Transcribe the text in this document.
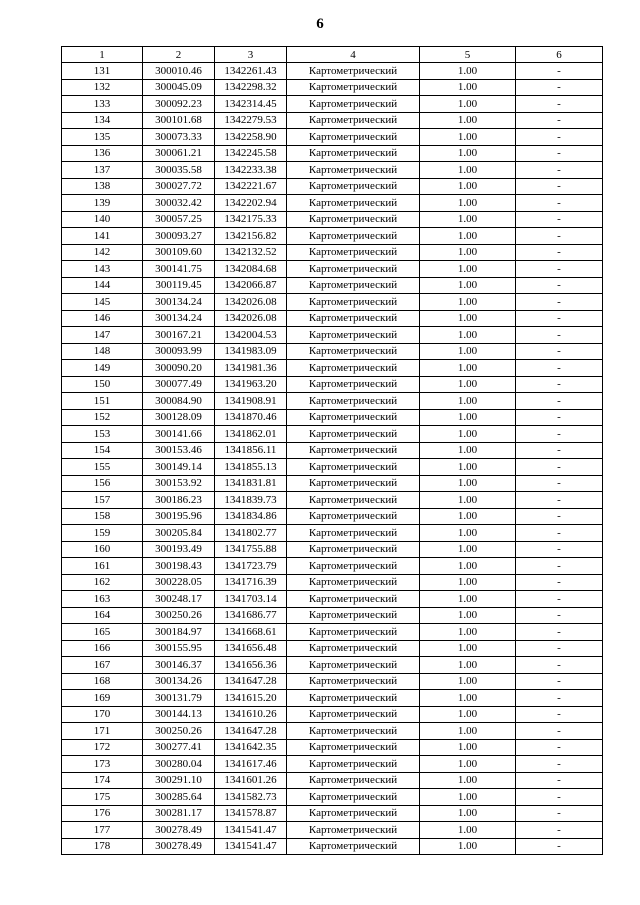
6
1	2	3	4	5	6
131	300010.46	1342261.43	Картометрический	1.00	-
132	300045.09	1342298.32	Картометрический	1.00	-
133	300092.23	1342314.45	Картометрический	1.00	-
134	300101.68	1342279.53	Картометрический	1.00	-
135	300073.33	1342258.90	Картометрический	1.00	-
136	300061.21	1342245.58	Картометрический	1.00	-
137	300035.58	1342233.38	Картометрический	1.00	-
138	300027.72	1342221.67	Картометрический	1.00	-
139	300032.42	1342202.94	Картометрический	1.00	-
140	300057.25	1342175.33	Картометрический	1.00	-
141	300093.27	1342156.82	Картометрический	1.00	-
142	300109.60	1342132.52	Картометрический	1.00	-
143	300141.75	1342084.68	Картометрический	1.00	-
144	300119.45	1342066.87	Картометрический	1.00	-
145	300134.24	1342026.08	Картометрический	1.00	-
146	300134.24	1342026.08	Картометрический	1.00	-
147	300167.21	1342004.53	Картометрический	1.00	-
148	300093.99	1341983.09	Картометрический	1.00	-
149	300090.20	1341981.36	Картометрический	1.00	-
150	300077.49	1341963.20	Картометрический	1.00	-
151	300084.90	1341908.91	Картометрический	1.00	-
152	300128.09	1341870.46	Картометрический	1.00	-
153	300141.66	1341862.01	Картометрический	1.00	-
154	300153.46	1341856.11	Картометрический	1.00	-
155	300149.14	1341855.13	Картометрический	1.00	-
156	300153.92	1341831.81	Картометрический	1.00	-
157	300186.23	1341839.73	Картометрический	1.00	-
158	300195.96	1341834.86	Картометрический	1.00	-
159	300205.84	1341802.77	Картометрический	1.00	-
160	300193.49	1341755.88	Картометрический	1.00	-
161	300198.43	1341723.79	Картометрический	1.00	-
162	300228.05	1341716.39	Картометрический	1.00	-
163	300248.17	1341703.14	Картометрический	1.00	-
164	300250.26	1341686.77	Картометрический	1.00	-
165	300184.97	1341668.61	Картометрический	1.00	-
166	300155.95	1341656.48	Картометрический	1.00	-
167	300146.37	1341656.36	Картометрический	1.00	-
168	300134.26	1341647.28	Картометрический	1.00	-
169	300131.79	1341615.20	Картометрический	1.00	-
170	300144.13	1341610.26	Картометрический	1.00	-
171	300250.26	1341647.28	Картометрический	1.00	-
172	300277.41	1341642.35	Картометрический	1.00	-
173	300280.04	1341617.46	Картометрический	1.00	-
174	300291.10	1341601.26	Картометрический	1.00	-
175	300285.64	1341582.73	Картометрический	1.00	-
176	300281.17	1341578.87	Картометрический	1.00	-
177	300278.49	1341541.47	Картометрический	1.00	-
178	300278.49	1341541.47	Картометрический	1.00	-
